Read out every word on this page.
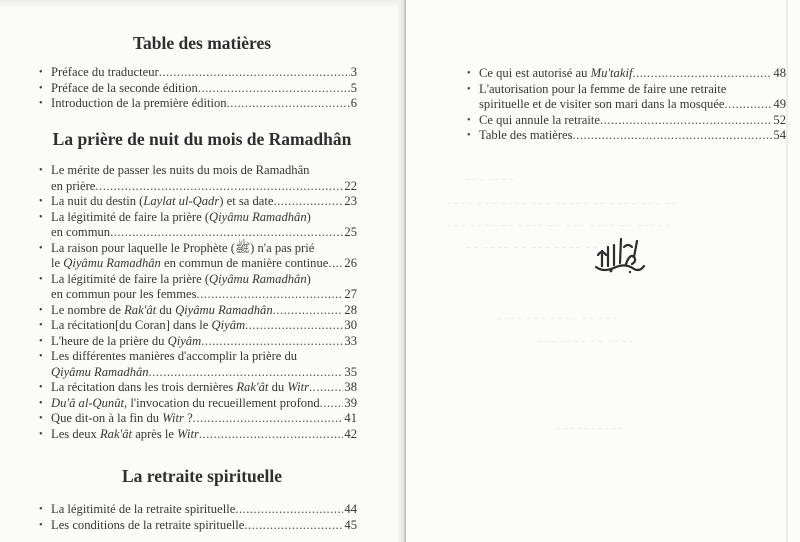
Table des matières
• Préface du traducteur .....	3
• Préface de la seconde édition .....	5
• Introduction de la première édition .....	6
La prière de nuit du mois de Ramadhân
• Le mérite de passer les nuits du mois de Ramadhân
en prière .....	22
• La nuit du destin (Laylat ul-Qadr) et sa date .....	23
• La légitimité de faire la prière (Qiyâmu Ramadhân)
en commun .....	25
• La raison pour laquelle le Prophète (ﷺ) n'a pas prié
le Qiyâmu Ramadhân en commun de manière continue ..... 26
• La légitimité de faire la prière (Qiyâmu Ramadhân)
en commun pour les femmes .....	27
• Le nombre de Rak'ât du Qiyâmu Ramadhân .....	28
• La récitation[du Coran] dans le Qiyâm .....	30
• L'heure de la prière du Qiyâm .....	33
• Les différentes manières d'accomplir la prière du
Qiyâmu Ramadhân .....	35
• La récitation dans les trois dernières Rak'ât du Witr .....	38
• Du'â al-Qunût, l'invocation du recueillement profond ..... 39
• Que dit-on à la fin du Witr ? .....	41
• Les deux Rak'ât après le Witr .....	42
La retraite spirituelle
• La légitimité de la retraite spirituelle .....	44
• Les conditions de la retraite spirituelle .....	45
~~~ ~~~~
~~~~ ~~~ ~~~~ ~~~ ~~~~~ ~~ ~~~~ ~~~ ~~
~~~ ~~~~ ~~ ~~~~ ~~ ~~~ ~~~~ ~~ ~~~~~
~~ ~~~~ ~~ ~~~ ~~~~ ~~
~~~~ ~~~ ~~~~ ~~ ~~~
~~~ ~~~~ ~~ ~~~~
~~~~~~~~~~
• Ce qui est autorisé au Mu'takif .....	48
• L'autorisation pour la femme de faire une retraite
spirituelle et de visiter son mari dans la mosquée .....	49
• Ce qui annule la retraite .....	52
• Table des matières .....	54
